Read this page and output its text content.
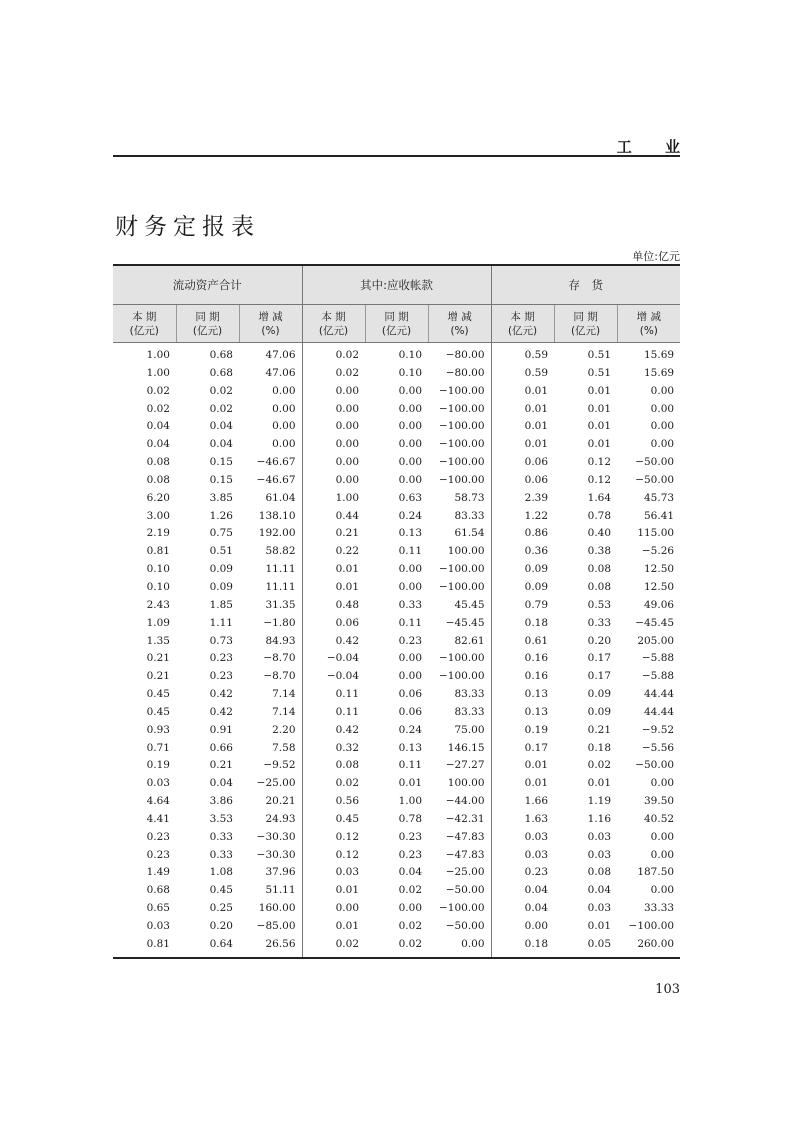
工 业
财务定报表
单位:亿元
流动资产合计			其中:应收帐款			存　货		

本 期
(亿元)	同 期
(亿元)	增 减
(%)	本 期
(亿元)	同 期
(亿元)	增 减
(%)	本 期
(亿元)	同 期
(亿元)	增 减
(%)

1.00	0.68	47.06	0.02	0.10	−80.00	0.59	0.51	15.69
1.00	0.68	47.06	0.02	0.10	−80.00	0.59	0.51	15.69
0.02	0.02	0.00	0.00	0.00	−100.00	0.01	0.01	0.00
0.02	0.02	0.00	0.00	0.00	−100.00	0.01	0.01	0.00
0.04	0.04	0.00	0.00	0.00	−100.00	0.01	0.01	0.00
0.04	0.04	0.00	0.00	0.00	−100.00	0.01	0.01	0.00
0.08	0.15	−46.67	0.00	0.00	−100.00	0.06	0.12	−50.00
0.08	0.15	−46.67	0.00	0.00	−100.00	0.06	0.12	−50.00
6.20	3.85	61.04	1.00	0.63	58.73	2.39	1.64	45.73
3.00	1.26	138.10	0.44	0.24	83.33	1.22	0.78	56.41
2.19	0.75	192.00	0.21	0.13	61.54	0.86	0.40	115.00
0.81	0.51	58.82	0.22	0.11	100.00	0.36	0.38	−5.26
0.10	0.09	11.11	0.01	0.00	−100.00	0.09	0.08	12.50
0.10	0.09	11.11	0.01	0.00	−100.00	0.09	0.08	12.50
2.43	1.85	31.35	0.48	0.33	45.45	0.79	0.53	49.06
1.09	1.11	−1.80	0.06	0.11	−45.45	0.18	0.33	−45.45
1.35	0.73	84.93	0.42	0.23	82.61	0.61	0.20	205.00
0.21	0.23	−8.70	−0.04	0.00	−100.00	0.16	0.17	−5.88
0.21	0.23	−8.70	−0.04	0.00	−100.00	0.16	0.17	−5.88
0.45	0.42	7.14	0.11	0.06	83.33	0.13	0.09	44.44
0.45	0.42	7.14	0.11	0.06	83.33	0.13	0.09	44.44
0.93	0.91	2.20	0.42	0.24	75.00	0.19	0.21	−9.52
0.71	0.66	7.58	0.32	0.13	146.15	0.17	0.18	−5.56
0.19	0.21	−9.52	0.08	0.11	−27.27	0.01	0.02	−50.00
0.03	0.04	−25.00	0.02	0.01	100.00	0.01	0.01	0.00
4.64	3.86	20.21	0.56	1.00	−44.00	1.66	1.19	39.50
4.41	3.53	24.93	0.45	0.78	−42.31	1.63	1.16	40.52
0.23	0.33	−30.30	0.12	0.23	−47.83	0.03	0.03	0.00
0.23	0.33	−30.30	0.12	0.23	−47.83	0.03	0.03	0.00
1.49	1.08	37.96	0.03	0.04	−25.00	0.23	0.08	187.50
0.68	0.45	51.11	0.01	0.02	−50.00	0.04	0.04	0.00
0.65	0.25	160.00	0.00	0.00	−100.00	0.04	0.03	33.33
0.03	0.20	−85.00	0.01	0.02	−50.00	0.00	0.01	−100.00
0.81	0.64	26.56	0.02	0.02	0.00	0.18	0.05	260.00
103
